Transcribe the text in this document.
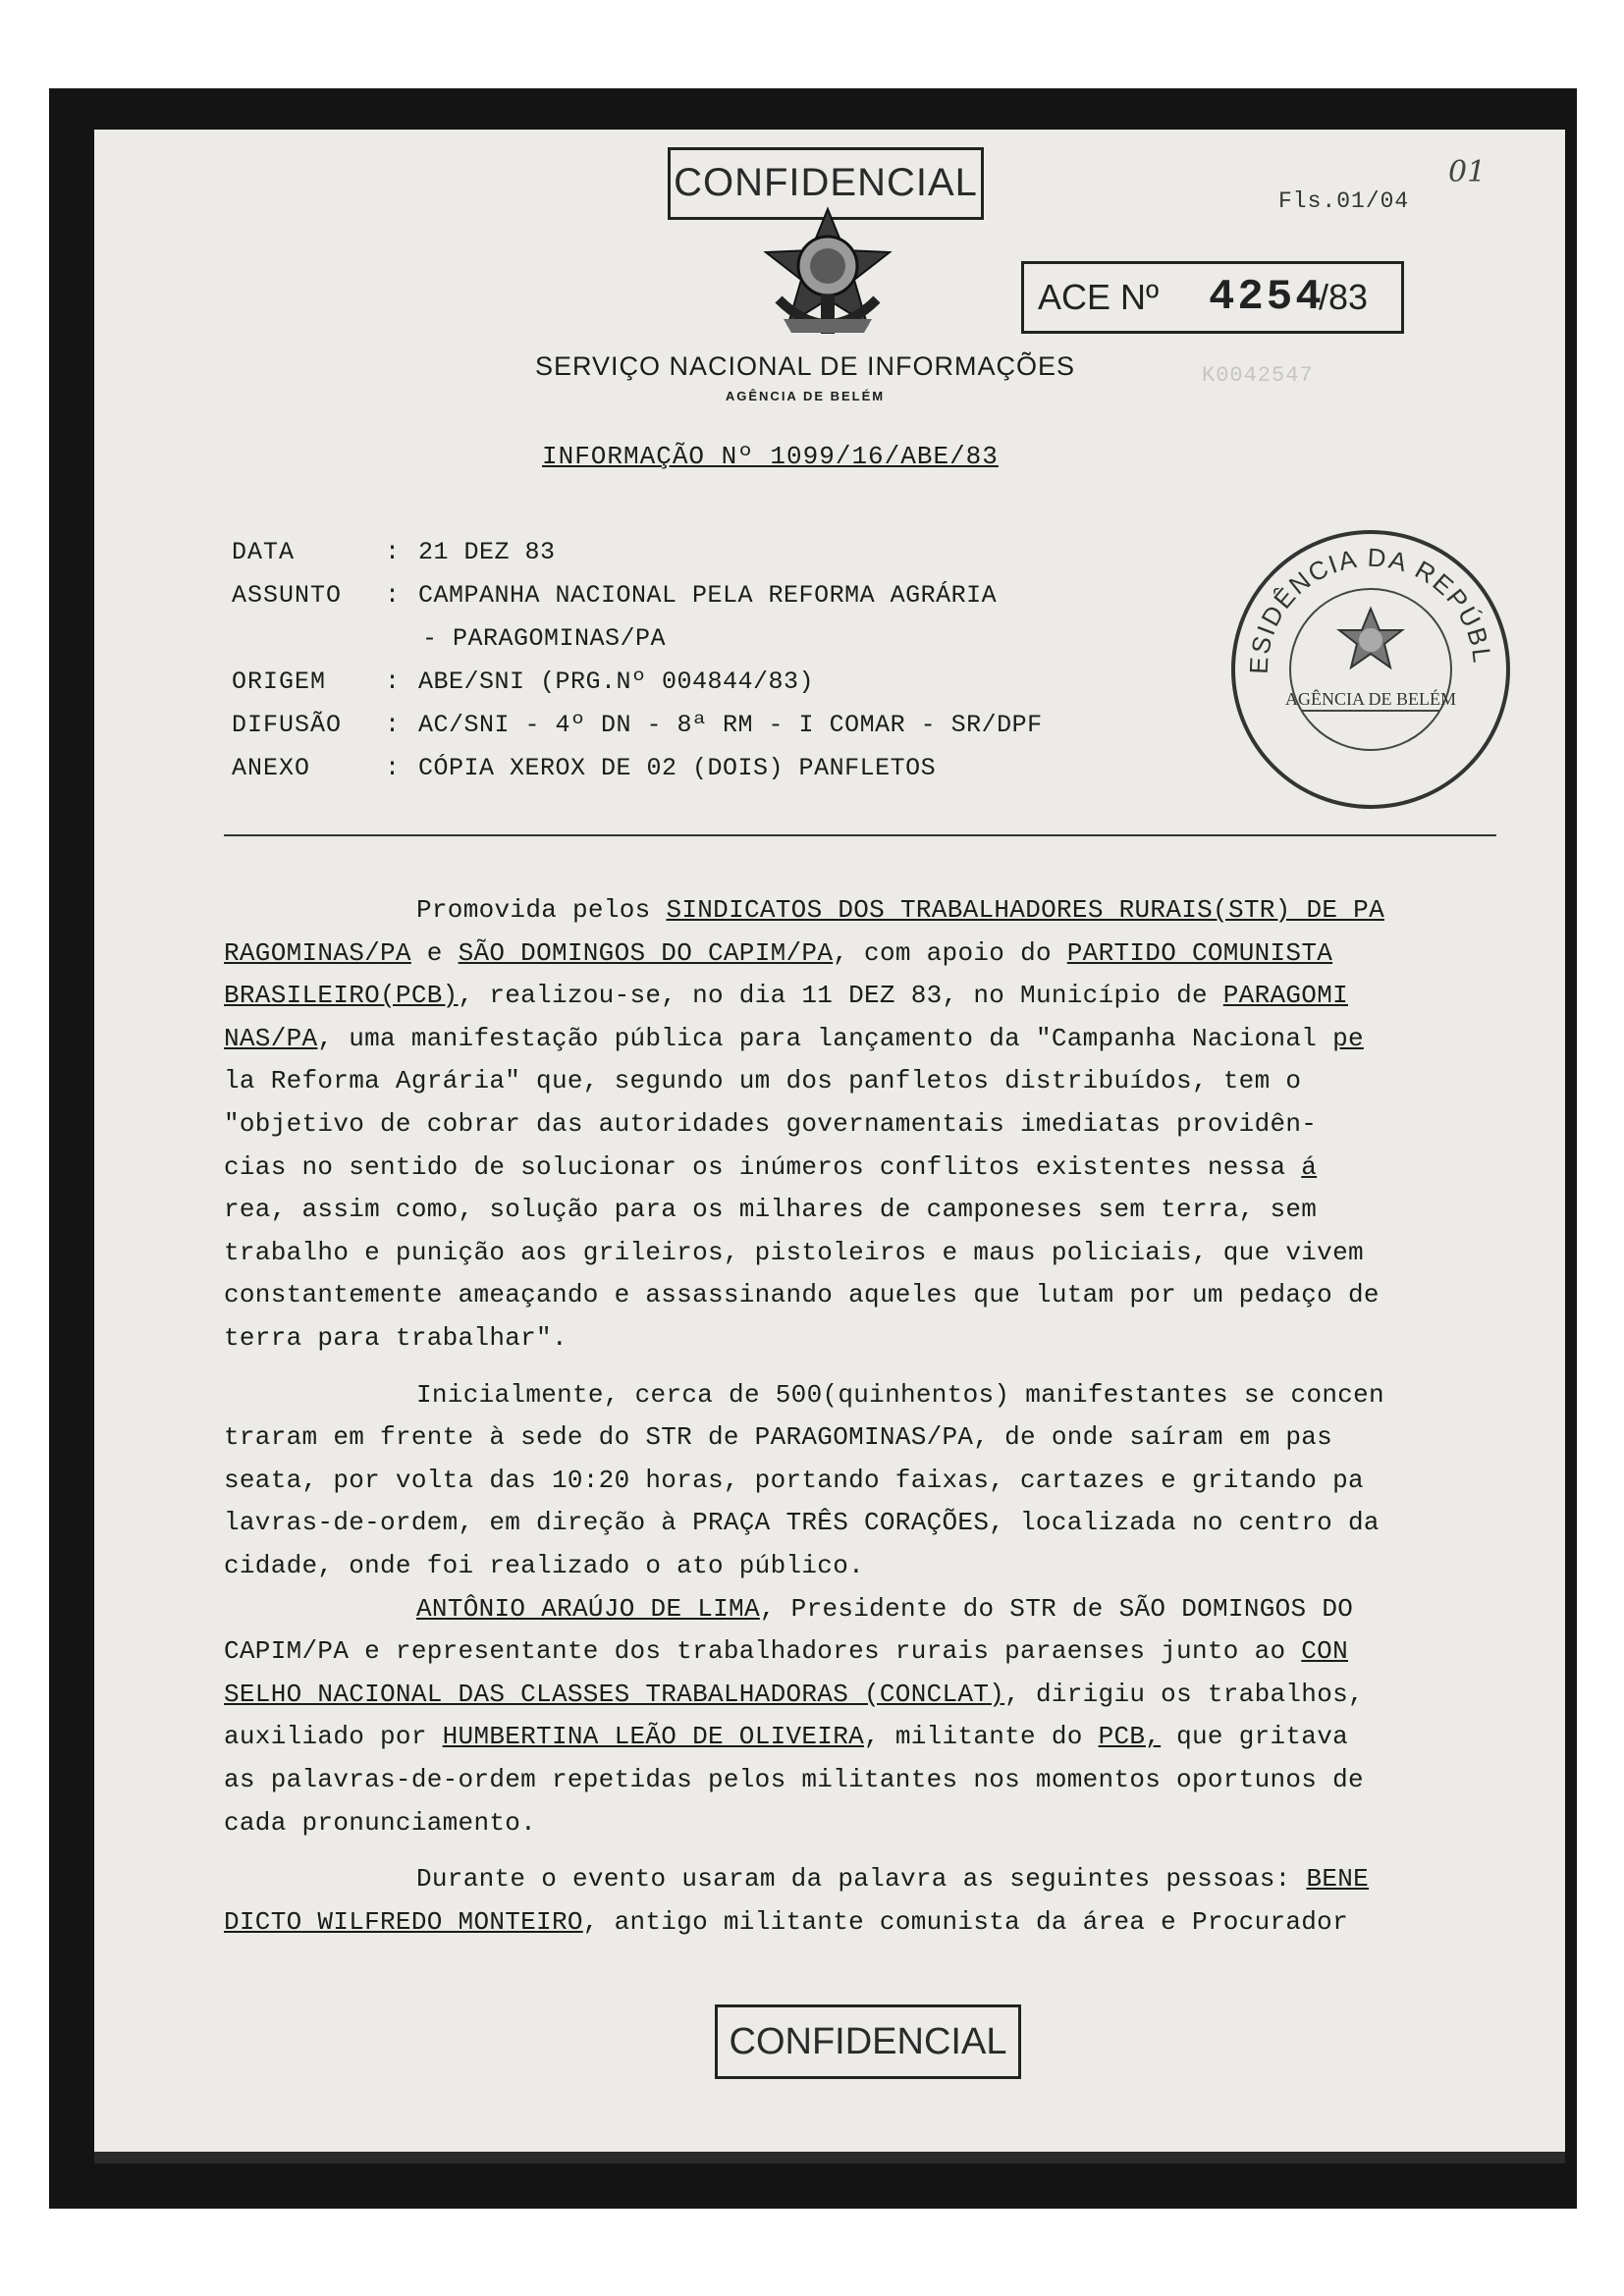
CONFIDENCIAL	Fls.01/04
01
ACE Nº 4254
/83
SERVIÇO NACIONAL DE INFORMAÇÕES
AGÊNCIA DE BELÉM
K0042547
INFORMAÇÃO Nº 1099/16/ABE/83
DATA	: 21 DEZ 83
ASSUNTO : CAMPANHA NACIONAL PELA REFORMA AGRÁRIA
- PARAGOMINAS/PA
ORIGEM : ABE/SNI (PRG.Nº 004844/83)
DIFUSÃO : AC/SNI - 4º DN - 8ª RM - I COMAR - SR/DPF
ANEXO	: CÓPIA XEROX DE 02 (DOIS) PANFLETOS
ESIDÊNCIA DA REPÚBL
AGÊNCIA DE BELÉM
Promovida pelos SINDICATOS DOS TRABALHADORES RURAIS(STR) DE PA
RAGOMINAS/PA e SÃO DOMINGOS DO CAPIM/PA, com apoio do PARTIDO COMUNISTA
BRASILEIRO(PCB), realizou-se, no dia 11 DEZ 83, no Município de PARAGOMI
NAS/PA, uma manifestação pública para lançamento da "Campanha Nacional pe
la Reforma Agrária" que, segundo um dos panfletos distribuídos, tem o
"objetivo de cobrar das autoridades governamentais imediatas providên-
cias no sentido de solucionar os inúmeros conflitos existentes nessa á
rea, assim como, solução para os milhares de camponeses sem terra, sem
trabalho e punição aos grileiros, pistoleiros e maus policiais, que vivem
constantemente ameaçando e assassinando aqueles que lutam por um pedaço de
terra para trabalhar".
Inicialmente, cerca de 500(quinhentos) manifestantes se concen
traram em frente à sede do STR de PARAGOMINAS/PA, de onde saíram em pas
seata, por volta das 10:20 horas, portando faixas, cartazes e gritando pa
lavras-de-ordem, em direção à PRAÇA TRÊS CORAÇÕES, localizada no centro da
cidade, onde foi realizado o ato público.
ANTÔNIO ARAÚJO DE LIMA, Presidente do STR de SÃO DOMINGOS DO
CAPIM/PA e representante dos trabalhadores rurais paraenses junto ao CON
SELHO NACIONAL DAS CLASSES TRABALHADORAS (CONCLAT), dirigiu os trabalhos,
auxiliado por HUMBERTINA LEÃO DE OLIVEIRA, militante do PCB, que gritava
as palavras-de-ordem repetidas pelos militantes nos momentos oportunos de
cada pronunciamento.
Durante o evento usaram da palavra as seguintes pessoas: BENE
DICTO WILFREDO MONTEIRO, antigo militante comunista da área e Procurador
CONFIDENCIAL
